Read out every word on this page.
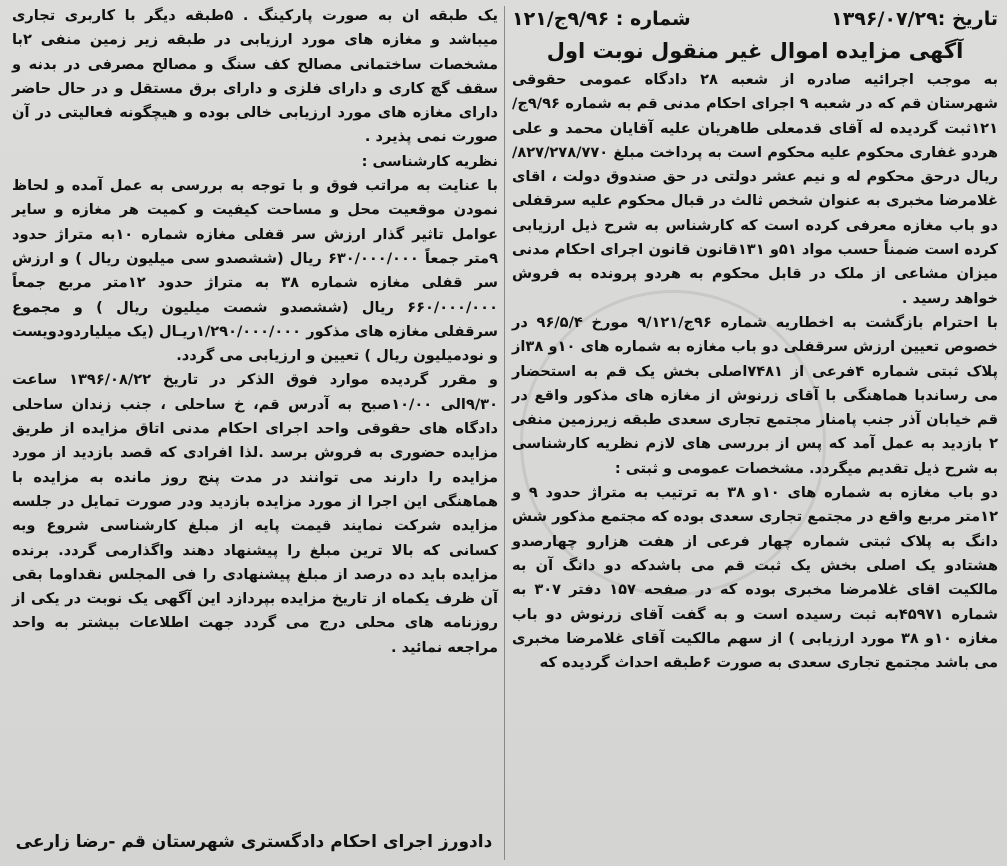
تاریخ :۱۳۹۶/۰۷/۲۹
شماره : ۹/۹۶ج/۱۲۱
آگهی مزایده اموال غیر منقول نوبت اول

به موجب اجرائیه صادره از شعبه ۲۸ دادگاه عمومی حقوقی شهرستان قم که در شعبه ۹ اجرای احکام مدنی قم به شماره ۹/۹۶ج/۱۲۱ثبت گردیده له آقای قدمعلی طاهریان علیه آقایان محمد و علی هردو غفاری محکوم علیه محکوم است به پرداخت مبلغ ۸۲۷/۲۷۸/۷۷۰/ریال درحق محکوم له و نیم عشر دولتی در حق صندوق دولت ، اقای غلامرضا مخبری به عنوان شخص ثالث در قبال محکوم علیه سرقفلی دو باب مغازه معرفی کرده است که کارشناس به شرح ذیل ارزیابی کرده است ضمناً حسب مواد ۵۱و ۱۳۱قانون قانون اجرای احکام مدنی میزان مشاعی از ملک در قابل محکوم به هردو پرونده به فروش خواهد رسید .

با احترام بازگشت به اخطاریه شماره ۹۶ج/۹/۱۲۱ مورخ ۹۶/۵/۴ در خصوص تعیین ارزش سرقفلی دو باب مغازه به شماره های ۱۰و ۳۸از پلاک ثبتی شماره ۴فرعی از ۷۴۸۱اصلی بخش یک قم به استحضار می رساندبا هماهنگی با آقای زرنوش از مغازه های مذکور واقع در قم خیابان آذر جنب پامنار مجتمع تجاری سعدی طبقه زیرزمین منفی ۲ بازدید به عمل آمد که پس از بررسی های لازم نظریه کارشناسی به شرح ذیل تقدیم میگردد. مشخصات عمومی و ثبتی :

دو باب مغازه به شماره های ۱۰و ۳۸ به ترتیب به متراژ حدود ۹ و ۱۲متر مربع واقع در مجتمع تجاری سعدی بوده که مجتمع مذکور شش دانگ به پلاک ثبتی شماره چهار فرعی از هفت هزارو چهارصدو هشتادو یک اصلی بخش یک ثبت قم می باشدکه دو دانگ آن به مالکیت اقای غلامرضا مخبری بوده که در صفحه ۱۵۷ دفتر ۳۰۷ به شماره ۴۵۹۷۱به ثبت رسیده است و به گفت آقای زرنوش دو باب مغازه ۱۰و ۳۸ مورد ارزیابی ) از سهم مالکیت آقای غلامرضا مخبری می باشد مجتمع تجاری سعدی به صورت ۶طبقه احداث گردیده که

یک طبقه ان به صورت پارکینگ . ۵طبقه دیگر با کاربری تجاری میباشد و مغازه های مورد ارزیابی در طبقه زیر زمین منفی ۲با مشخصات ساختمانی مصالح کف سنگ و مصالح مصرفی در بدنه و سقف گچ کاری و دارای فلزی و دارای برق مستقل و در حال حاضر دارای مغازه های مورد ارزیابی خالی بوده و هیچگونه فعالیتی در آن صورت نمی پذیرد .

نظریه کارشناسی :

با عنایت به مراتب فوق و با توجه به بررسی به عمل آمده و لحاظ نمودن موقعیت محل و مساحت کیفیت و کمیت هر مغازه و سایر عوامل تاثیر گذار ارزش سر قفلی مغازه شماره ۱۰به متراژ حدود ۹متر جمعاً ۶۳۰/۰۰۰/۰۰۰ ریال (ششصدو سی میلیون ریال ) و ارزش سر قفلی مغازه شماره ۳۸ به متراژ حدود ۱۲متر مربع جمعاً ۶۶۰/۰۰۰/۰۰۰ ریال (ششصدو شصت میلیون ریال ) و مجموع سرقفلی مغازه های مذکور ۱/۲۹۰/۰۰۰/۰۰۰ریـال (یک میلیاردودویست و نودمیلیون ریال ) تعیین و ارزیابی می گردد.

و مقرر گردیده موارد فوق الذکر در تاریخ ۱۳۹۶/۰۸/۲۲ ساعت ۹/۳۰الی ۱۰/۰۰صبح به آدرس قم، خ ساحلی ، جنب زندان ساحلی دادگاه های حقوقی واحد اجرای احکام مدنی اتاق مزایده از طریق مزایده حضوری به فروش برسد .لذا افرادی که قصد بازدید از مورد مزایده را دارند می توانند در مدت پنج روز مانده به مزایده با هماهنگی این اجرا از مورد مزایده بازدید ودر صورت تمایل در جلسه مزایده شرکت نمایند قیمت پایه از مبلغ کارشناسی شروع وبه کسانی که بالا ترین مبلغ را پیشنهاد دهند واگذارمی گردد. برنده مزایده باید ده درصد از مبلغ پیشنهادی را فی المجلس نقداوما بقی آن ظرف یکماه از تاریخ مزایده بپردازد این آگهی یک نوبت در یکی از روزنامه های محلی درج می گردد جهت اطلاعات بیشتر به واحد مراجعه نمائید .

دادورز اجرای احکام دادگستری شهرستان قم -رضا زارعی
